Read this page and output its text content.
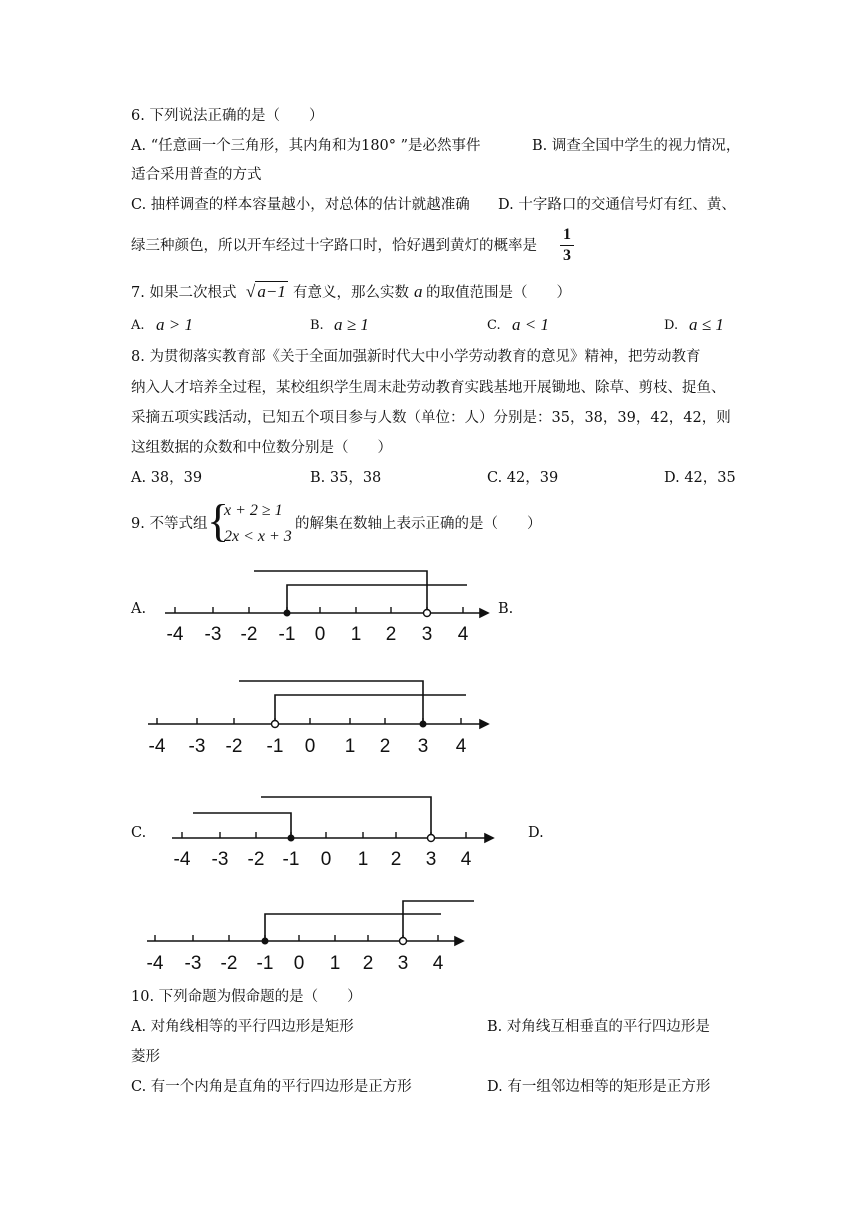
6. 下列说法正确的是（　　）
A. “任意画一个三角形，其内角和为180° ”是必然事件	B. 调查全国中学生的视力情况，
适合采用普查的方式
C. 抽样调查的样本容量越小，对总体的估计就越准确 D. 十字路口的交通信号灯有红、黄、
绿三种颜色，所以开车经过十字路口时，恰好遇到黄灯的概率是
1
3
7. 如果二次根式 √ a−1 有意义，那么实数 a 的取值范围是（　　）
A. a > 1	B. a ≥ 1	C. a < 1	D. a ≤ 1
8. 为贯彻落实教育部《关于全面加强新时代大中小学劳动教育的意见》精神，把劳动教育
纳入人才培养全过程，某校组织学生周末赴劳动教育实践基地开展锄地、除草、剪枝、捉鱼、
采摘五项实践活动，已知五个项目参与人数（单位：人）分别是：35，38，39，42，42，则
这组数据的众数和中位数分别是（　　）
A. 38，39	B. 35，38	C. 42，39	D. 42，35
9. 不等式组 {
x + 2 ≥ 1
2x < x + 3
的解集在数轴上表示正确的是（　　）
A.	B.
C.	D.
-4 -3 -2 -1 0 1 2 3 4
-4 -3 -2 -1 0 1 2 3 4
-4 -3 -2 -1 0 1 2 3 4
-4 -3 -2 -1 0 1 2 3 4
10. 下列命题为假命题的是（　　）
A. 对角线相等的平行四边形是矩形	B. 对角线互相垂直的平行四边形是
菱形
C. 有一个内角是直角的平行四边形是正方形	D. 有一组邻边相等的矩形是正方形
